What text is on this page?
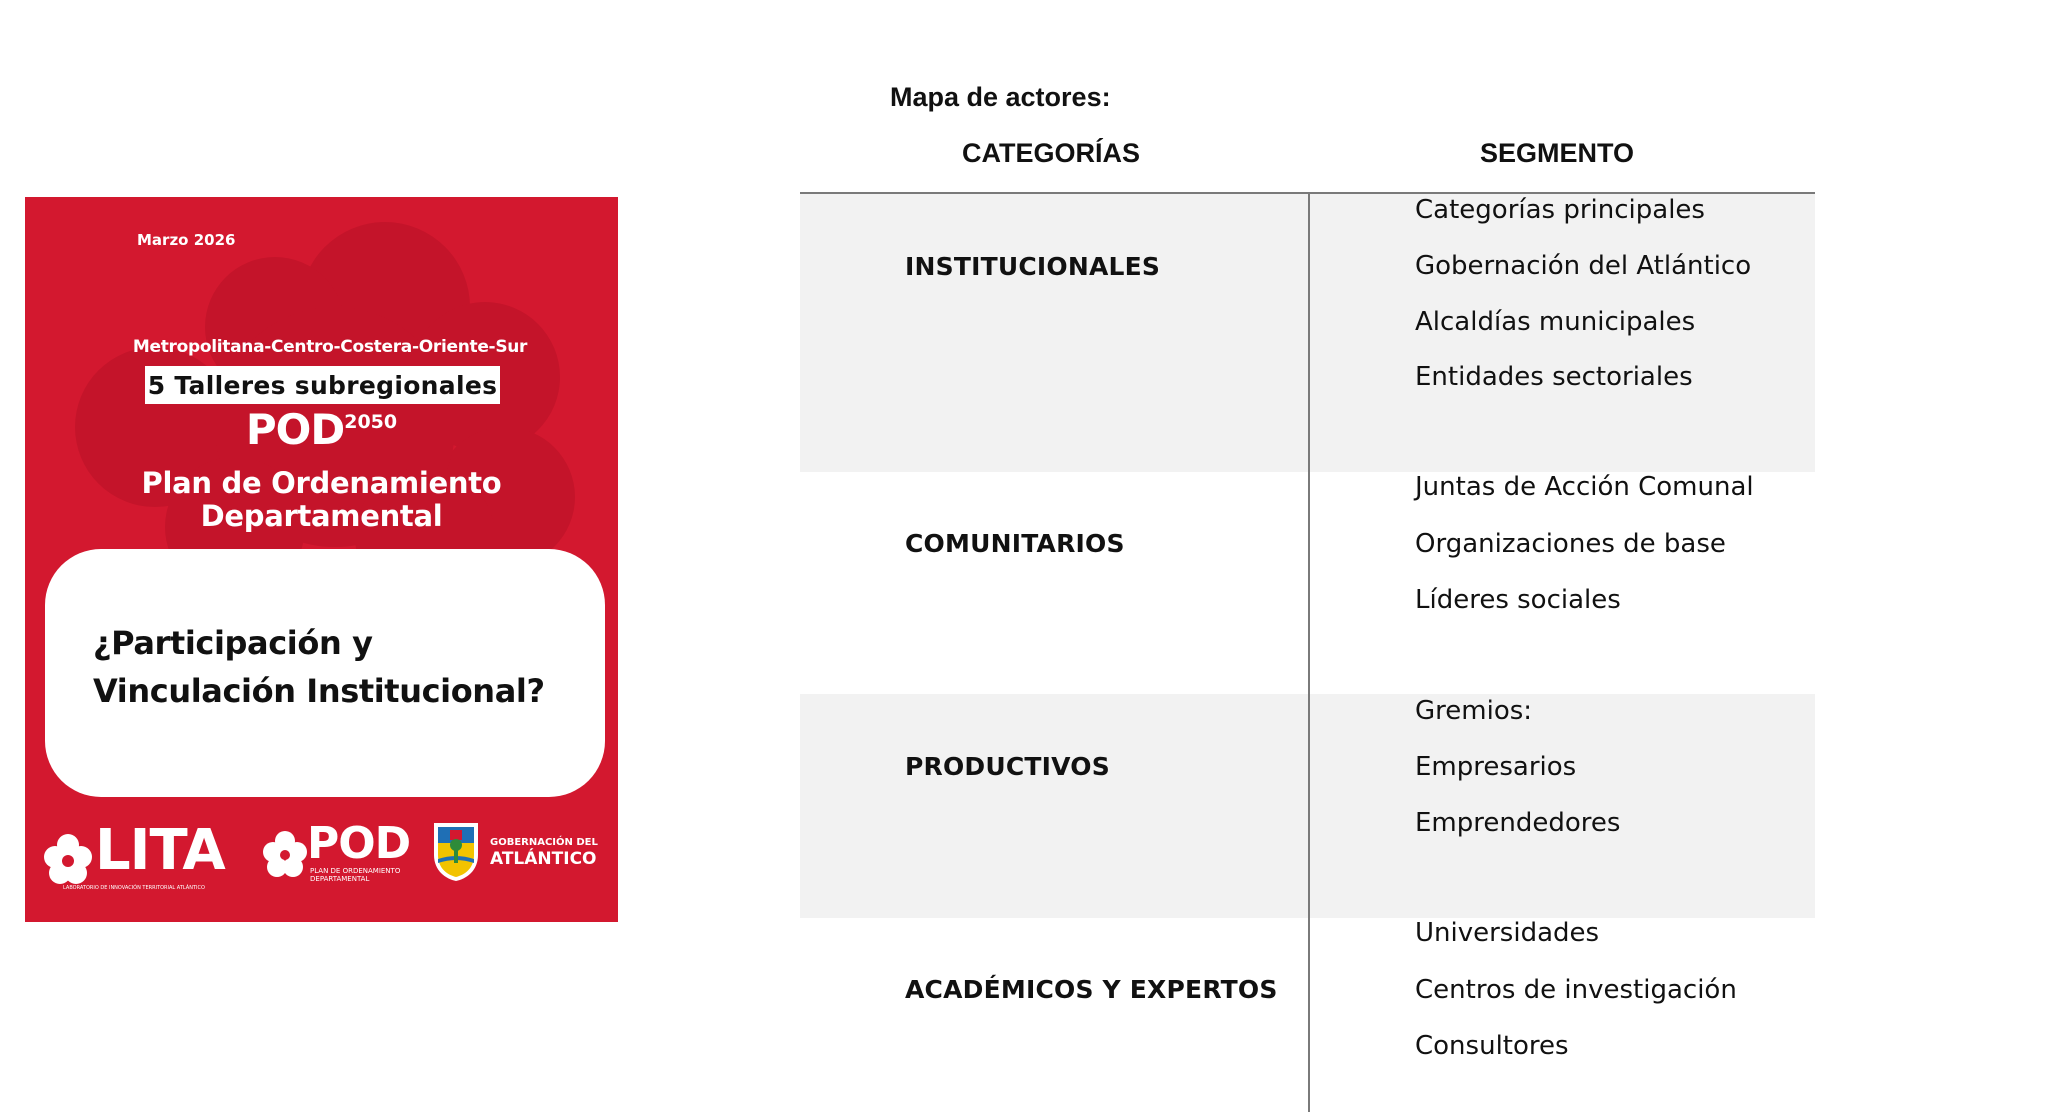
Marzo 2026
Metropolitana-Centro-Costera-Oriente-Sur
5 Talleres subregionales
POD2050
Plan de Ordenamiento
Departamental
¿Participación y
Vinculación Institucional?
LITA
LABORATORIO DE INNOVACIÓN TERRITORIAL ATLÁNTICO
POD
PLAN DE ORDENAMIENTO
DEPARTAMENTAL
GOBERNACIÓN DEL
ATLÁNTICO
Mapa de actores:
CATEGORÍAS	SEGMENTO
INSTITUCIONALES
Categorías principales
Gobernación del Atlántico
Alcaldías municipales
Entidades sectoriales
COMUNITARIOS
Juntas de Acción Comunal
Organizaciones de base
Líderes sociales
PRODUCTIVOS
Gremios:
Empresarios
Emprendedores
ACADÉMICOS Y EXPERTOS
Universidades
Centros de investigación
Consultores
